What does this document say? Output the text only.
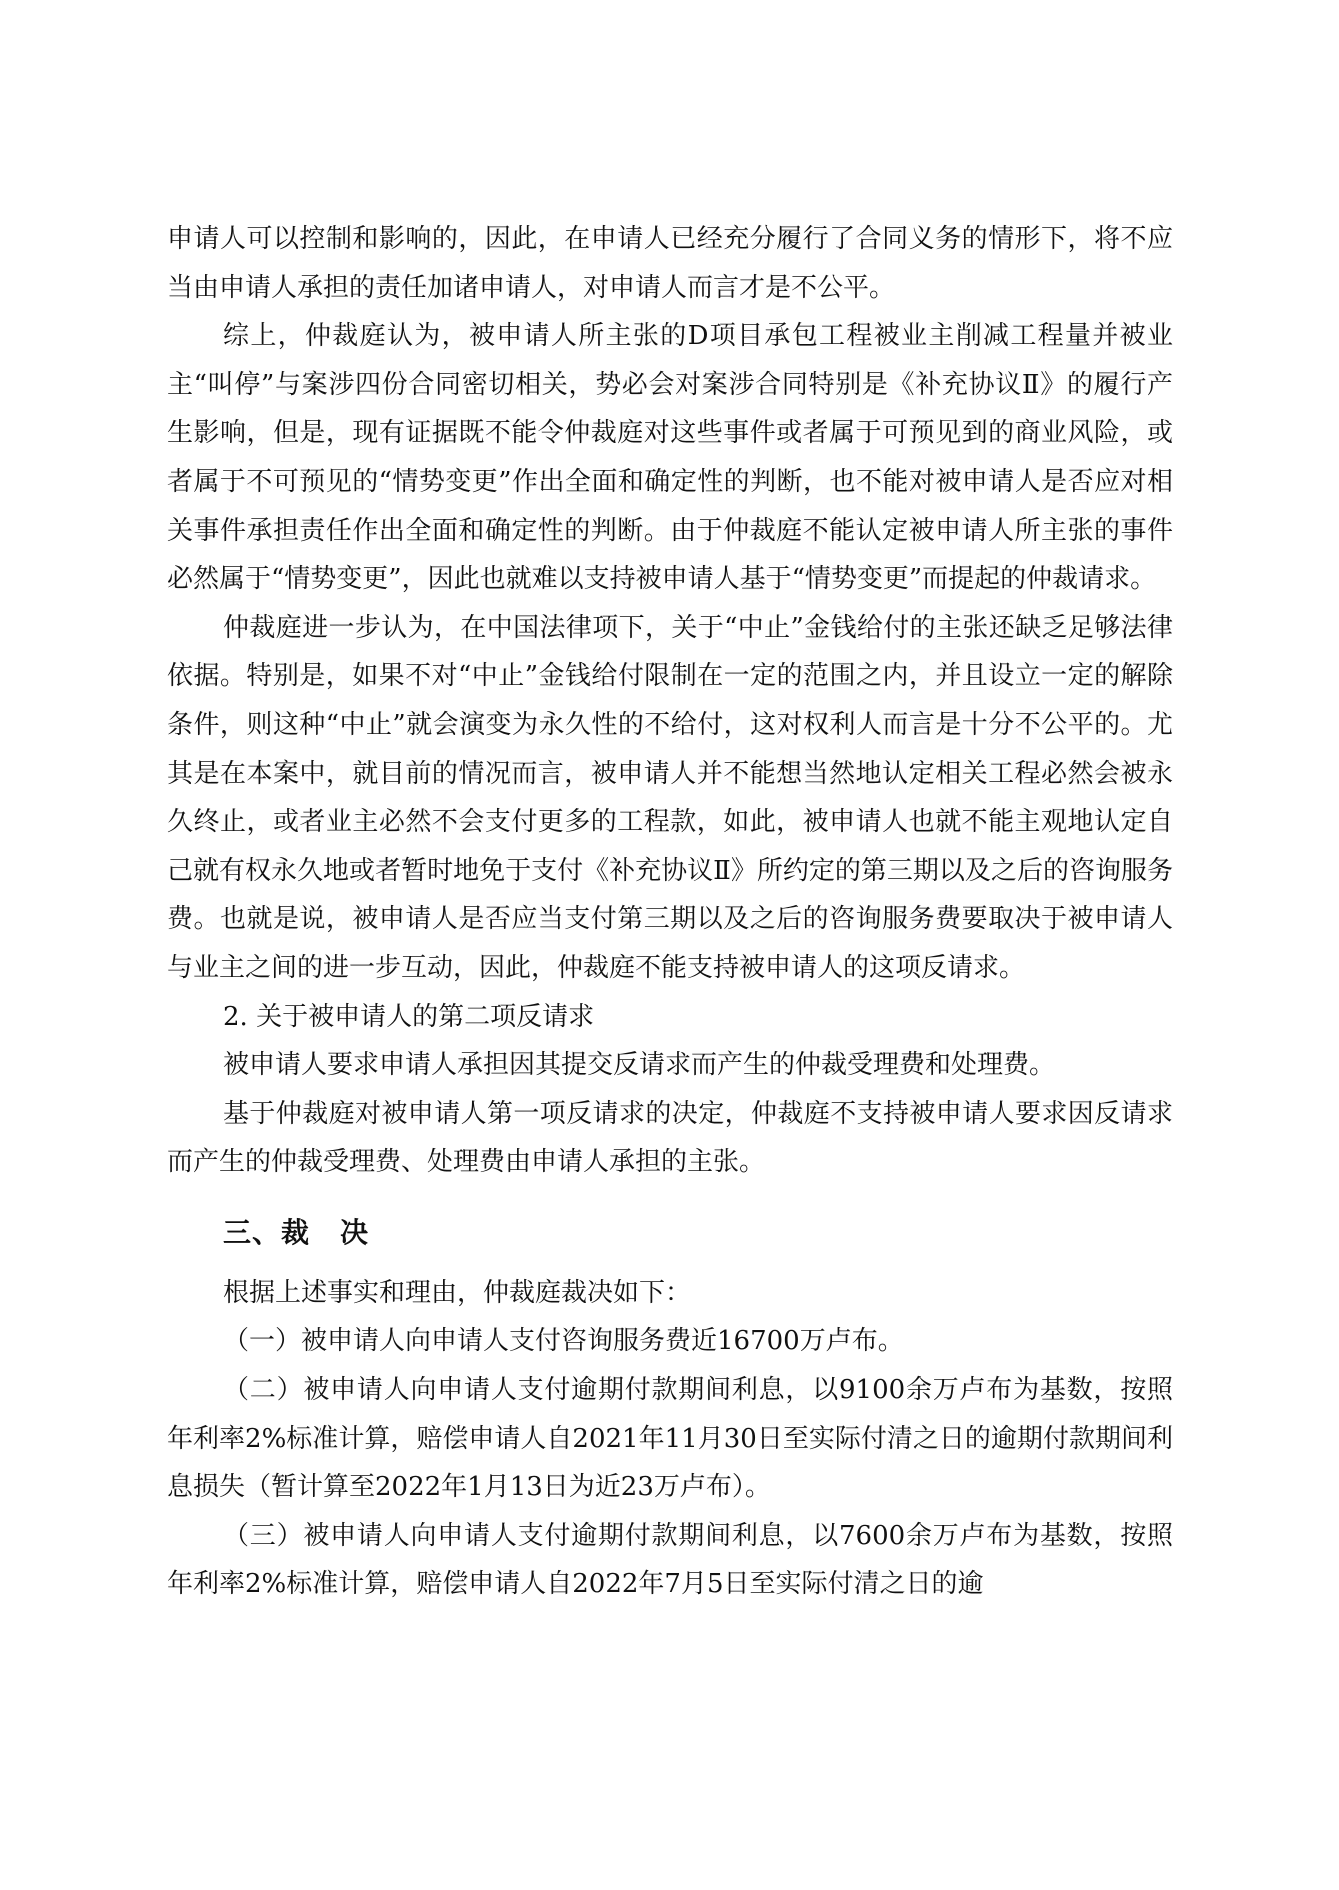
申请人可以控制和影响的，因此，在申请人已经充分履行了合同义务的情形下，将不应当由申请人承担的责任加诸申请人，对申请人而言才是不公平。

综上，仲裁庭认为，被申请人所主张的D项目承包工程被业主削减工程量并被业主“叫停”与案涉四份合同密切相关，势必会对案涉合同特别是《补充协议Ⅱ》的履行产生影响，但是，现有证据既不能令仲裁庭对这些事件或者属于可预见到的商业风险，或者属于不可预见的“情势变更”作出全面和确定性的判断，也不能对被申请人是否应对相关事件承担责任作出全面和确定性的判断。由于仲裁庭不能认定被申请人所主张的事件必然属于“情势变更”，因此也就难以支持被申请人基于“情势变更”而提起的仲裁请求。

仲裁庭进一步认为，在中国法律项下，关于“中止”金钱给付的主张还缺乏足够法律依据。特别是，如果不对“中止”金钱给付限制在一定的范围之内，并且设立一定的解除条件，则这种“中止”就会演变为永久性的不给付，这对权利人而言是十分不公平的。尤其是在本案中，就目前的情况而言，被申请人并不能想当然地认定相关工程必然会被永久终止，或者业主必然不会支付更多的工程款，如此，被申请人也就不能主观地认定自己就有权永久地或者暂时地免于支付《补充协议Ⅱ》所约定的第三期以及之后的咨询服务费。也就是说，被申请人是否应当支付第三期以及之后的咨询服务费要取决于被申请人与业主之间的进一步互动，因此，仲裁庭不能支持被申请人的这项反请求。

2. 关于被申请人的第二项反请求

被申请人要求申请人承担因其提交反请求而产生的仲裁受理费和处理费。

基于仲裁庭对被申请人第一项反请求的决定，仲裁庭不支持被申请人要求因反请求而产生的仲裁受理费、处理费由申请人承担的主张。

三、裁 决

根据上述事实和理由，仲裁庭裁决如下：

（一）被申请人向申请人支付咨询服务费近16700万卢布。

（二）被申请人向申请人支付逾期付款期间利息，以9100余万卢布为基数，按照年利率2%标准计算，赔偿申请人自2021年11月30日至实际付清之日的逾期付款期间利息损失（暂计算至2022年1月13日为近23万卢布）。

（三）被申请人向申请人支付逾期付款期间利息，以7600余万卢布为基数，按照年利率2%标准计算，赔偿申请人自2022年7月5日至实际付清之日的逾
